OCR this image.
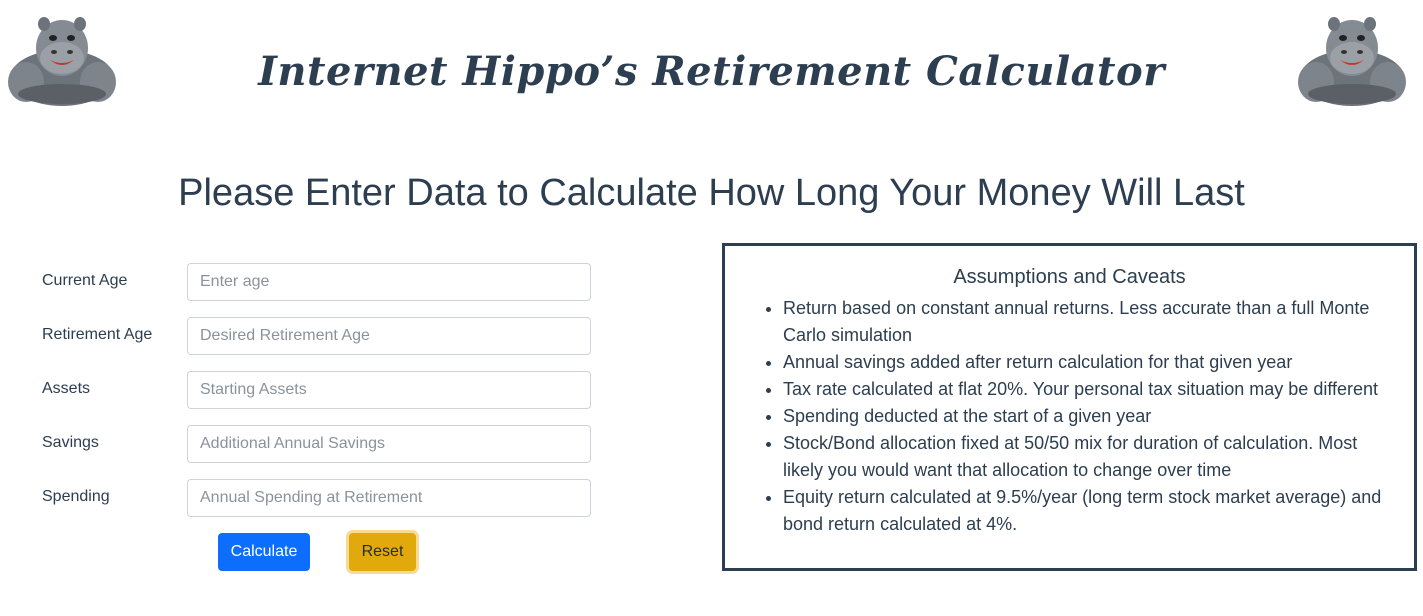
Internet Hippo’s Retirement Calculator
Please Enter Data to Calculate How Long Your Money Will Last
Current Age
Enter age
Retirement Age
Desired Retirement Age
Assets
Starting Assets
Savings
Additional Annual Savings
Spending
Annual Spending at Retirement
Calculate	Reset
Assumptions and Caveats
• Return based on constant annual returns. Less accurate than a full Monte Carlo simulation
• Annual savings added after return calculation for that given year
• Tax rate calculated at flat 20%. Your personal tax situation may be different
• Spending deducted at the start of a given year
• Stock/Bond allocation fixed at 50/50 mix for duration of calculation. Most likely you would want that allocation to change over time
• Equity return calculated at 9.5%/year (long term stock market average) and bond return calculated at 4%.
